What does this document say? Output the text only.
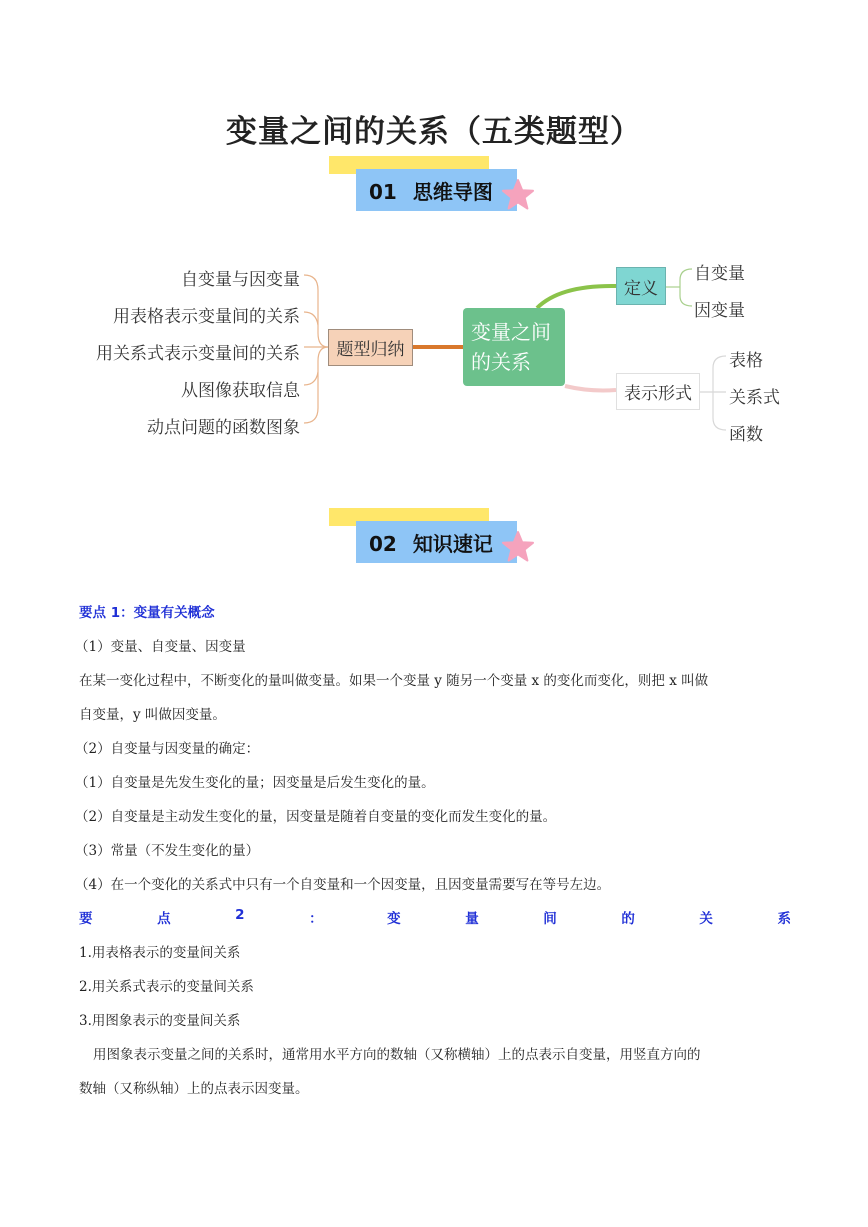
变量之间的关系（五类题型）
01 思维导图
自变量与因变量
用表格表示变量间的关系
用关系式表示变量间的关系
从图像获取信息
动点问题的函数图象
题型归纳
变量之间的关系
定义
表示形式
自变量
因变量
表格
关系式
函数
02 知识速记
要点 1：变量有关概念
（1）变量、自变量、因变量
在某一变化过程中，不断变化的量叫做变量。如果一个变量 y 随另一个变量 x 的变化而变化，则把 x 叫做
自变量，y 叫做因变量。
（2）自变量与因变量的确定：
（1）自变量是先发生变化的量；因变量是后发生变化的量。
（2）自变量是主动发生变化的量，因变量是随着自变量的变化而发生变化的量。
（3）常量（不发生变化的量）
（4）在一个变化的关系式中只有一个自变量和一个因变量，且因变量需要写在等号左边。
1.用表格表示的变量间关系
2.用关系式表示的变量间关系
3.用图象表示的变量间关系
用图象表示变量之间的关系时，通常用水平方向的数轴（又称横轴）上的点表示自变量，用竖直方向的
数轴（又称纵轴）上的点表示因变量。
要	点	2	：	变	量	间	的	关	系
